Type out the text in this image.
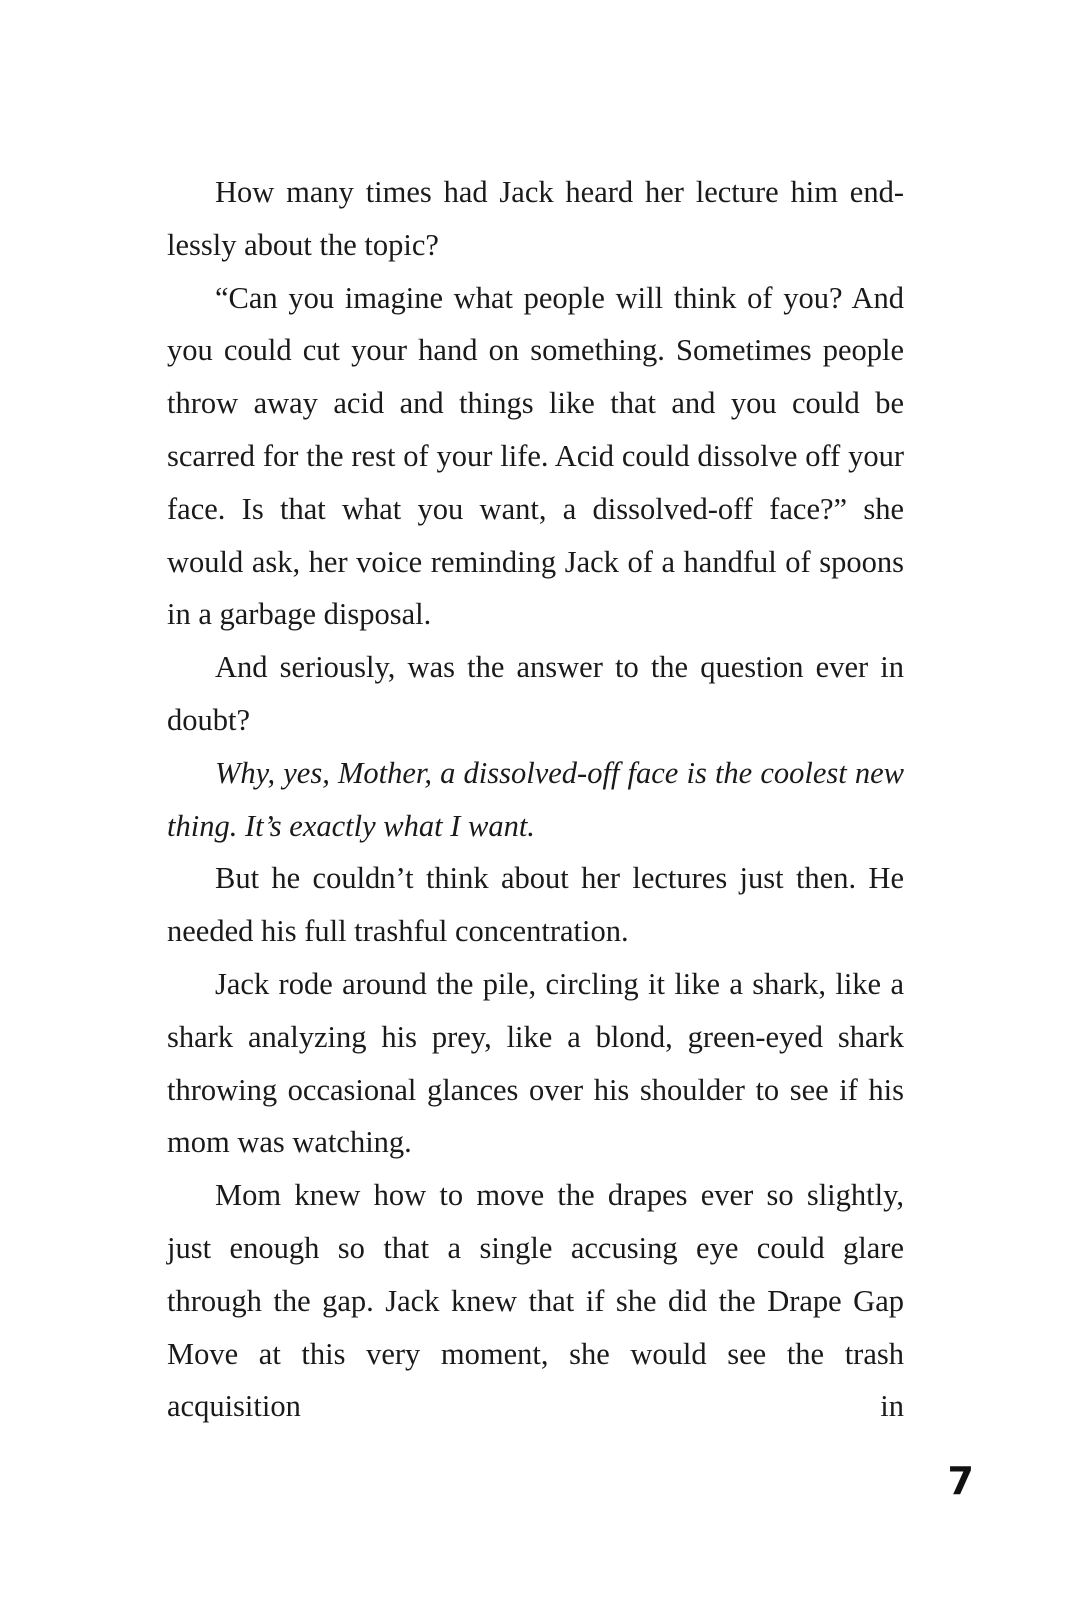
How many times had Jack heard her lecture him endlessly about the topic?

“Can you imagine what people will think of you? And you could cut your hand on something. Sometimes people throw away acid and things like that and you could be scarred for the rest of your life. Acid could dissolve off your face. Is that what you want, a dissolved-off face?” she would ask, her voice reminding Jack of a handful of spoons in a garbage disposal.

And seriously, was the answer to the question ever in doubt?

Why, yes, Mother, a dissolved-off face is the coolest new thing. It’s exactly what I want.

But he couldn’t think about her lectures just then. He needed his full trashful concentration.

Jack rode around the pile, circling it like a shark, like a shark analyzing his prey, like a blond, green-eyed shark throwing occasional glances over his shoulder to see if his mom was watching.

Mom knew how to move the drapes ever so slightly, just enough so that a single accusing eye could glare through the gap. Jack knew that if she did the Drape Gap Move at this very moment, she would see the trash acquisition in

7
